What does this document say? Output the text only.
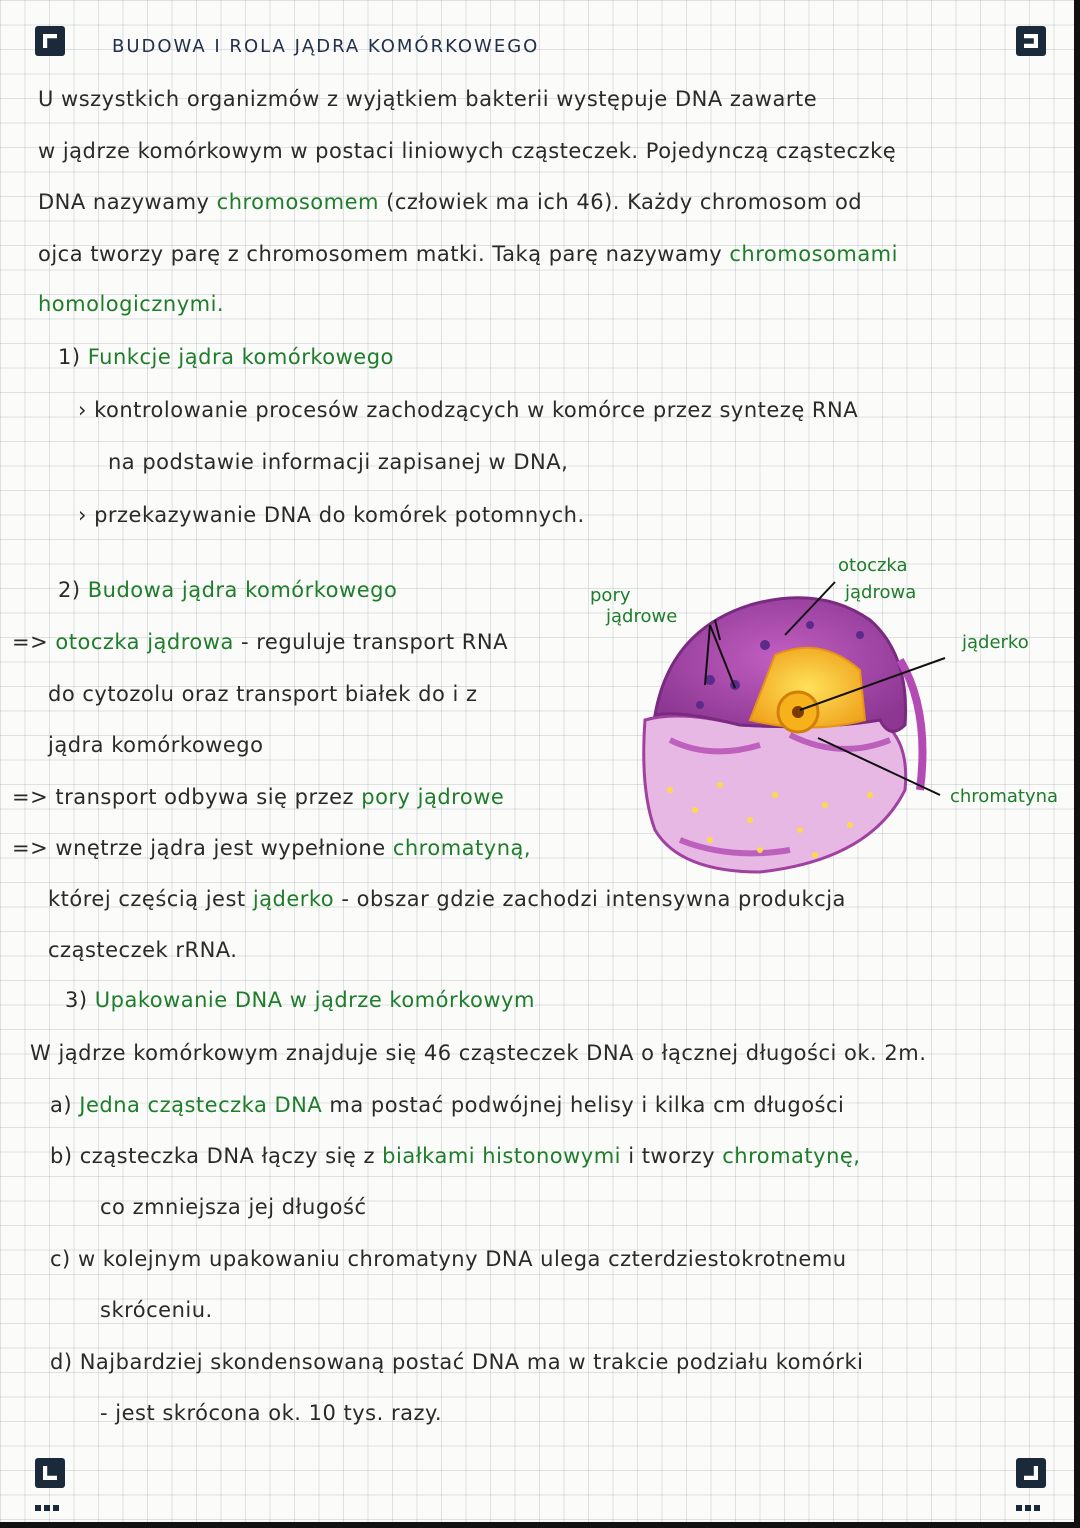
BUDOWA I ROLA JĄDRA KOMÓRKOWEGO
U wszystkich organizmów z wyjątkiem bakterii występuje DNA zawarte
w jądrze komórkowym w postaci liniowych cząsteczek. Pojedynczą cząsteczkę
DNA nazywamy chromosomem (człowiek ma ich 46). Każdy chromosom od
ojca tworzy parę z chromosomem matki. Taką parę nazywamy chromosomami
homologicznymi.
1) Funkcje jądra komórkowego
› kontrolowanie procesów zachodzących w komórce przez syntezę RNA
na podstawie informacji zapisanej w DNA,
› przekazywanie DNA do komórek potomnych.
2) Budowa jądra komórkowego
=> otoczka jądrowa - reguluje transport RNA
do cytozolu oraz transport białek do i z
jądra komórkowego
=> transport odbywa się przez pory jądrowe
=> wnętrze jądra jest wypełnione chromatyną,
której częścią jest jąderko - obszar gdzie zachodzi intensywna produkcja
cząsteczek rRNA.
pory
jądrowe
otoczka
jądrowa
jąderko
chromatyna
3) Upakowanie DNA w jądrze komórkowym
W jądrze komórkowym znajduje się 46 cząsteczek DNA o łącznej długości ok. 2m.
a) Jedna cząsteczka DNA ma postać podwójnej helisy i kilka cm długości
b) cząsteczka DNA łączy się z białkami histonowymi i tworzy chromatynę,
co zmniejsza jej długość
c) w kolejnym upakowaniu chromatyny DNA ulega czterdziestokrotnemu
skróceniu.
d) Najbardziej skondensowaną postać DNA ma w trakcie podziału komórki
- jest skrócona ok. 10 tys. razy.
